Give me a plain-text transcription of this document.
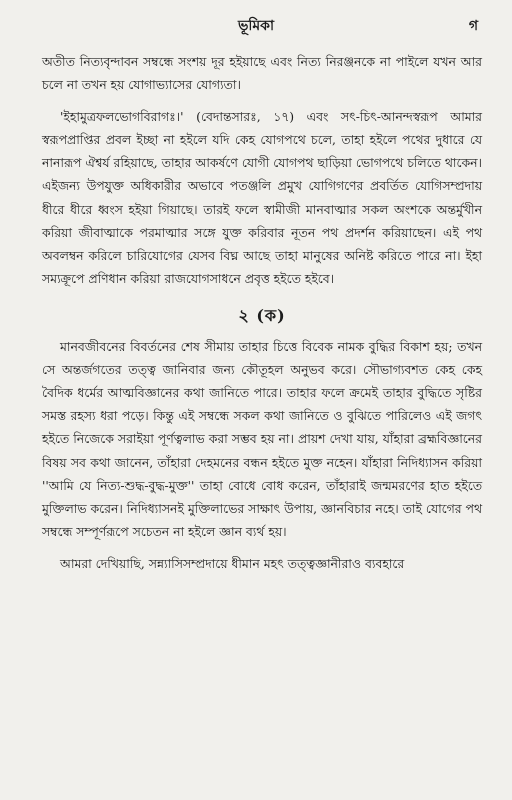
ভূমিকা	গ

অতীত নিত্যবৃন্দাবন সম্বন্ধে সংশয় দূর হইয়াছে এবং নিত্য নিরঞ্জনকে না পাইলে যখন আর চলে না তখন হয় যোগাভ্যাসের যোগ্যতা।

'ইহামুত্রফলভোগবিরাগঃ।' (বেদান্তসারঃ, ১৭) এবং সৎ-চিৎ-আনন্দস্বরূপ আমার স্বরূপপ্রাপ্তির প্রবল ইচ্ছা না হইলে যদি কেহ যোগপথে চলে, তাহা হইলে পথের দুধারে যে নানারূপ ঐশ্বর্য রহিয়াছে, তাহার আকর্ষণে যোগী যোগপথ ছাড়িয়া ভোগপথে চলিতে থাকেন। এইজন্য উপযুক্ত অধিকারীর অভাবে পতঞ্জলি প্রমুখ যোগিগণের প্রবর্তিত যোগিসম্প্রদায় ধীরে ধীরে ধ্বংস হইয়া গিয়াছে। তারই ফলে স্বামীজী মানবাত্মার সকল অংশকে অন্তর্মুখীন করিয়া জীবাত্মাকে পরমাত্মার সঙ্গে যুক্ত করিবার নূতন পথ প্রদর্শন করিয়াছেন। এই পথ অবলম্বন করিলে চারিযোগের যেসব বিঘ্ন আছে তাহা মানুষের অনিষ্ট করিতে পারে না। ইহা সম্যক্রূপে প্রণিধান করিয়া রাজযোগসাধনে প্রবৃত্ত হইতে হইবে।

২ (ক)

মানবজীবনের বিবর্তনের শেষ সীমায় তাহার চিত্তে বিবেক নামক বুদ্ধির বিকাশ হয়; তখন সে অন্তর্জগতের তত্ত্ব জানিবার জন্য কৌতূহল অনুভব করে। সৌভাগ্যবশত কেহ কেহ বৈদিক ধর্মের আত্মবিজ্ঞানের কথা জানিতে পারে। তাহার ফলে ক্রমেই তাহার বুদ্ধিতে সৃষ্টির সমস্ত রহস্য ধরা পড়ে। কিন্তু এই সম্বন্ধে সকল কথা জানিতে ও বুঝিতে পারিলেও এই জগৎ হইতে নিজেকে সরাইয়া পূর্ণত্বলাভ করা সম্ভব হয় না। প্রায়শ দেখা যায়, যাঁহারা ব্রহ্মবিজ্ঞানের বিষয় সব কথা জানেন, তাঁহারা দেহমনের বন্ধন হইতে মুক্ত নহেন। যাঁহারা নিদিধ্যাসন করিয়া ''আমি যে নিত্য-শুদ্ধ-বুদ্ধ-মুক্ত'' তাহা বোধে বোধ করেন, তাঁহারাই জন্মমরণের হাত হইতে মুক্তিলাভ করেন। নিদিধ্যাসনই মুক্তিলাভের সাক্ষাৎ উপায়, জ্ঞানবিচার নহে। তাই যোগের পথ সম্বন্ধে সম্পূর্ণরূপে সচেতন না হইলে জ্ঞান ব্যর্থ হয়।

আমরা দেখিয়াছি, সন্ন্যাসিসম্প্রদায়ে ধীমান মহৎ তত্ত্বজ্ঞানীরাও ব্যবহারে
